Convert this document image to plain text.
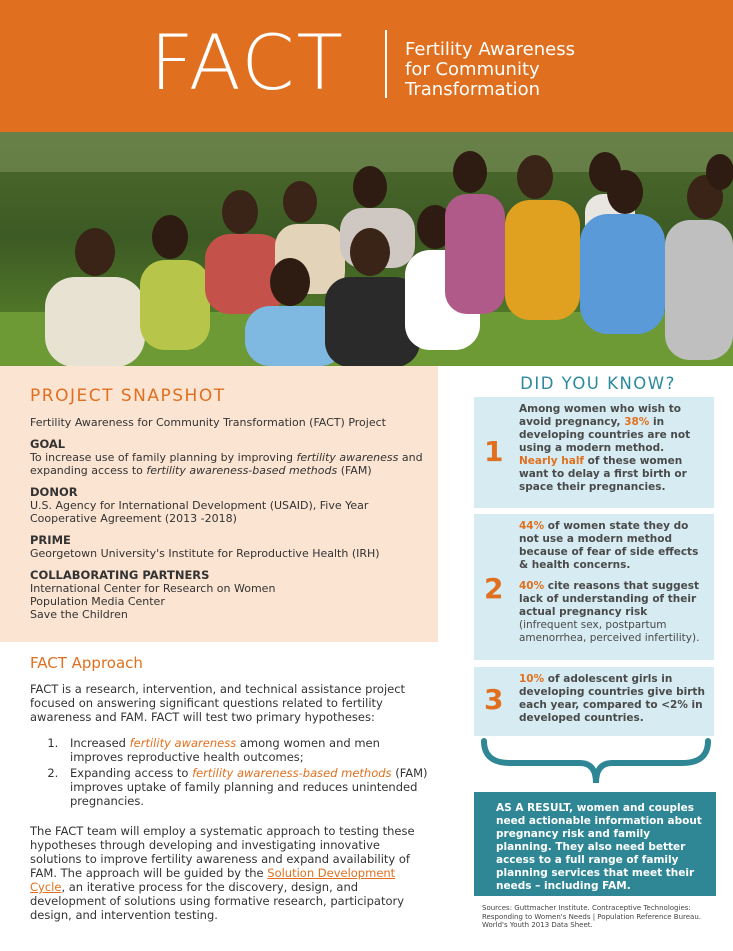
FACT	Fertility Awareness
for Community
Transformation
PROJECT SNAPSHOT

Fertility Awareness for Community Transformation (FACT) Project

GOAL

To increase use of family planning by improving fertility awareness and expanding access to fertility awareness-based methods (FAM)

DONOR

U.S. Agency for International Development (USAID), Five Year Cooperative Agreement (2013 -2018)

PRIME

Georgetown University's Institute for Reproductive Health (IRH)

COLLABORATING PARTNERS

International Center for Research on Women

Population Media Center

Save the Children

FACT Approach

FACT is a research, intervention, and technical assistance project focused on answering significant questions related to fertility awareness and FAM. FACT will test two primary hypotheses:

1. Increased fertility awareness among women and men improves reproductive health outcomes;
2. Expanding access to fertility awareness-based methods (FAM) improves uptake of family planning and reduces unintended pregnancies.

The FACT team will employ a systematic approach to testing these hypotheses through developing and investigating innovative solutions to improve fertility awareness and expand availability of FAM. The approach will be guided by the Solution Development Cycle, an iterative process for the discovery, design, and development of solutions using formative research, participatory design, and intervention testing.

DID YOU KNOW?
1

Among women who wish to avoid pregnancy, 38% in developing countries are not using a modern method. Nearly half of these women want to delay a first birth or space their pregnancies.

2

44% of women state they do not use a modern method because of fear of side effects & health concerns.

40% cite reasons that suggest lack of understanding of their actual pregnancy risk (infrequent sex, postpartum amenorrhea, perceived infertility).

3

10% of adolescent girls in developing countries give birth each year, compared to <2% in developed countries.

AS A RESULT, women and couples need actionable information about pregnancy risk and family planning. They also need better access to a full range of family planning services that meet their needs – including FAM.

Sources: Guttmacher Institute. Contraceptive Technologies: Responding to Women's Needs | Population Reference Bureau. World's Youth 2013 Data Sheet.
